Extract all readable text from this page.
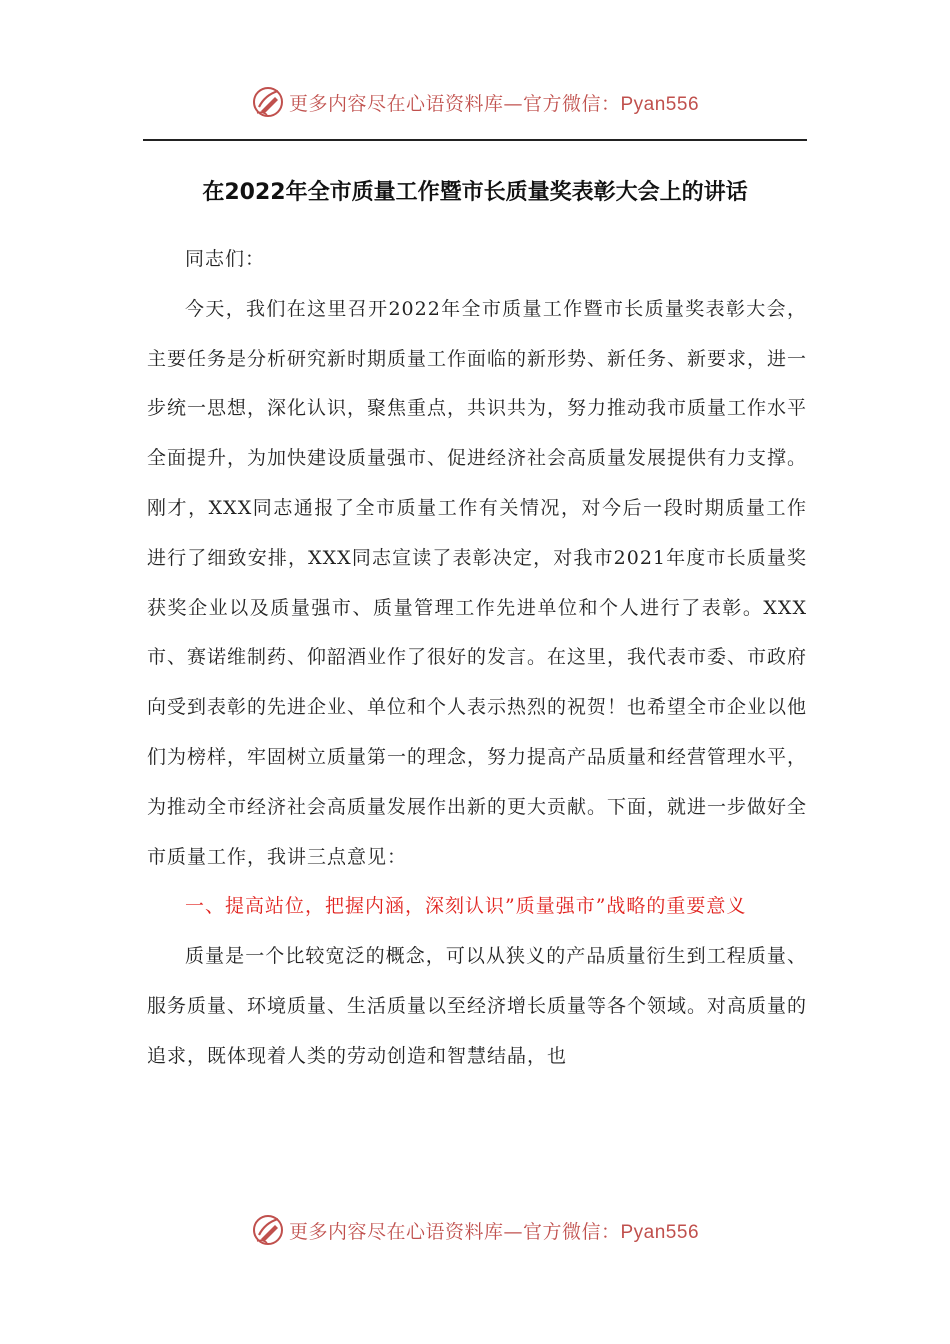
更多内容尽在心语资料库—官方微信：Pyan556
在2022年全市质量工作暨市长质量奖表彰大会上的讲话

同志们：

今天，我们在这里召开2022年全市质量工作暨市长质量奖表彰大会，主要任务是分析研究新时期质量工作面临的新形势、新任务、新要求，进一步统一思想，深化认识，聚焦重点，共识共为，努力推动我市质量工作水平全面提升，为加快建设质量强市、促进经济社会高质量发展提供有力支撑。刚才，XXX同志通报了全市质量工作有关情况，对今后一段时期质量工作进行了细致安排，XXX同志宣读了表彰决定，对我市2021年度市长质量奖获奖企业以及质量强市、质量管理工作先进单位和个人进行了表彰。XXX市、赛诺维制药、仰韶酒业作了很好的发言。在这里，我代表市委、市政府向受到表彰的先进企业、单位和个人表示热烈的祝贺！也希望全市企业以他们为榜样，牢固树立质量第一的理念，努力提高产品质量和经营管理水平，为推动全市经济社会高质量发展作出新的更大贡献。下面，就进一步做好全市质量工作，我讲三点意见：

一、提高站位，把握内涵，深刻认识”质量强市”战略的重要意义

质量是一个比较宽泛的概念，可以从狭义的产品质量衍生到工程质量、服务质量、环境质量、生活质量以至经济增长质量等各个领域。对高质量的追求，既体现着人类的劳动创造和智慧结晶，也

更多内容尽在心语资料库—官方微信：Pyan556
